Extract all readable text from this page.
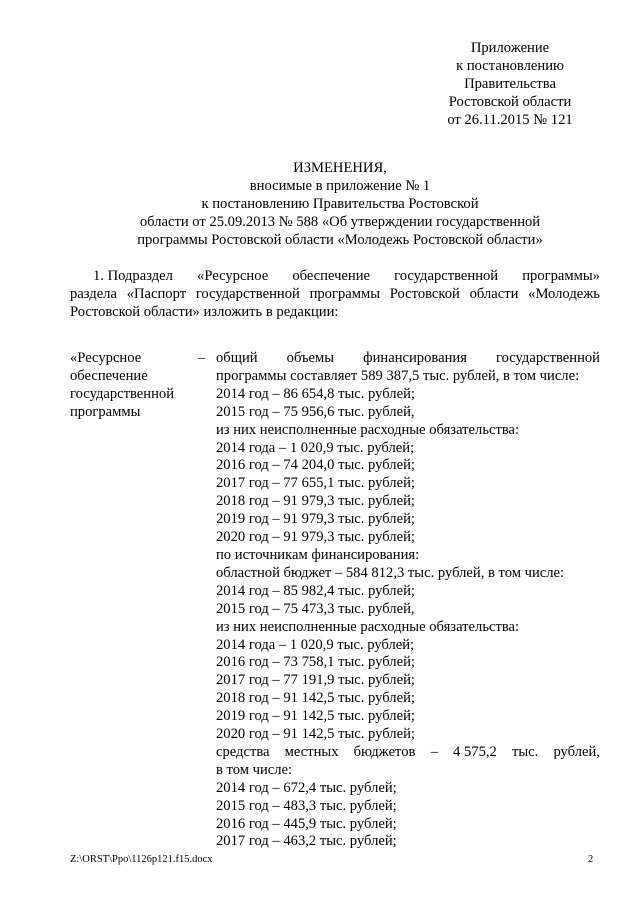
Приложение
к постановлению
Правительства
Ростовской области
от 26.11.2015 № 121
ИЗМЕНЕНИЯ,
вносимые в приложение № 1
к постановлению Правительства Ростовской
области от 25.09.2013 № 588 «Об утверждении государственной
программы Ростовской области «Молодежь Ростовской области»
1. Подраздел «Ресурсное обеспечение государственной программы»
раздела «Паспорт государственной программы Ростовской области «Молодежь
Ростовской области» изложить в редакции:
«Ресурсное
обеспечение
государственной
программы
– общий объемы финансирования государственной
программы составляет 589 387,5 тыс. рублей, в том числе:
2014 год – 86 654,8 тыс. рублей;
2015 год – 75 956,6 тыс. рублей,
из них неисполненные расходные обязательства:
2014 года – 1 020,9 тыс. рублей;
2016 год – 74 204,0 тыс. рублей;
2017 год – 77 655,1 тыс. рублей;
2018 год – 91 979,3 тыс. рублей;
2019 год – 91 979,3 тыс. рублей;
2020 год – 91 979,3 тыс. рублей;
по источникам финансирования:
областной бюджет – 584 812,3 тыс. рублей, в том числе:
2014 год – 85 982,4 тыс. рублей;
2015 год – 75 473,3 тыс. рублей,
из них неисполненные расходные обязательства:
2014 года – 1 020,9 тыс. рублей;
2016 год – 73 758,1 тыс. рублей;
2017 год – 77 191,9 тыс. рублей;
2018 год – 91 142,5 тыс. рублей;
2019 год – 91 142,5 тыс. рублей;
2020 год – 91 142,5 тыс. рублей;
средства местных бюджетов – 4 575,2 тыс. рублей,
в том числе:
2014 год – 672,4 тыс. рублей;
2015 год – 483,3 тыс. рублей;
2016 год – 445,9 тыс. рублей;
2017 год – 463,2 тыс. рублей;
Z:\ORST\Ppo\1126p121.f15.docx	2
